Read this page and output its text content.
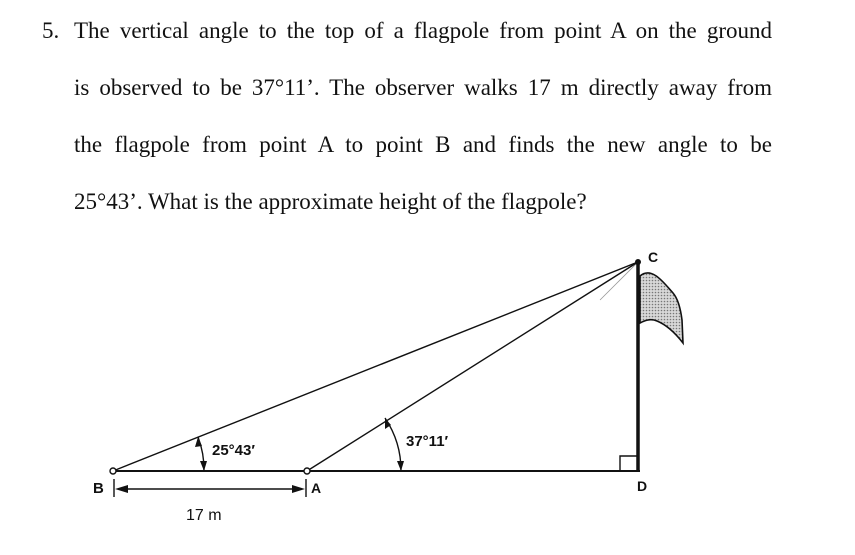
5. The vertical angle to the top of a flagpole from point A on the ground
is observed to be 37°11’. The observer walks 17 m directly away from
the flagpole from point A to point B and finds the new angle to be
25°43’. What is the approximate height of the flagpole?
B	A
C
D
25°43′
37°11′
17 m
